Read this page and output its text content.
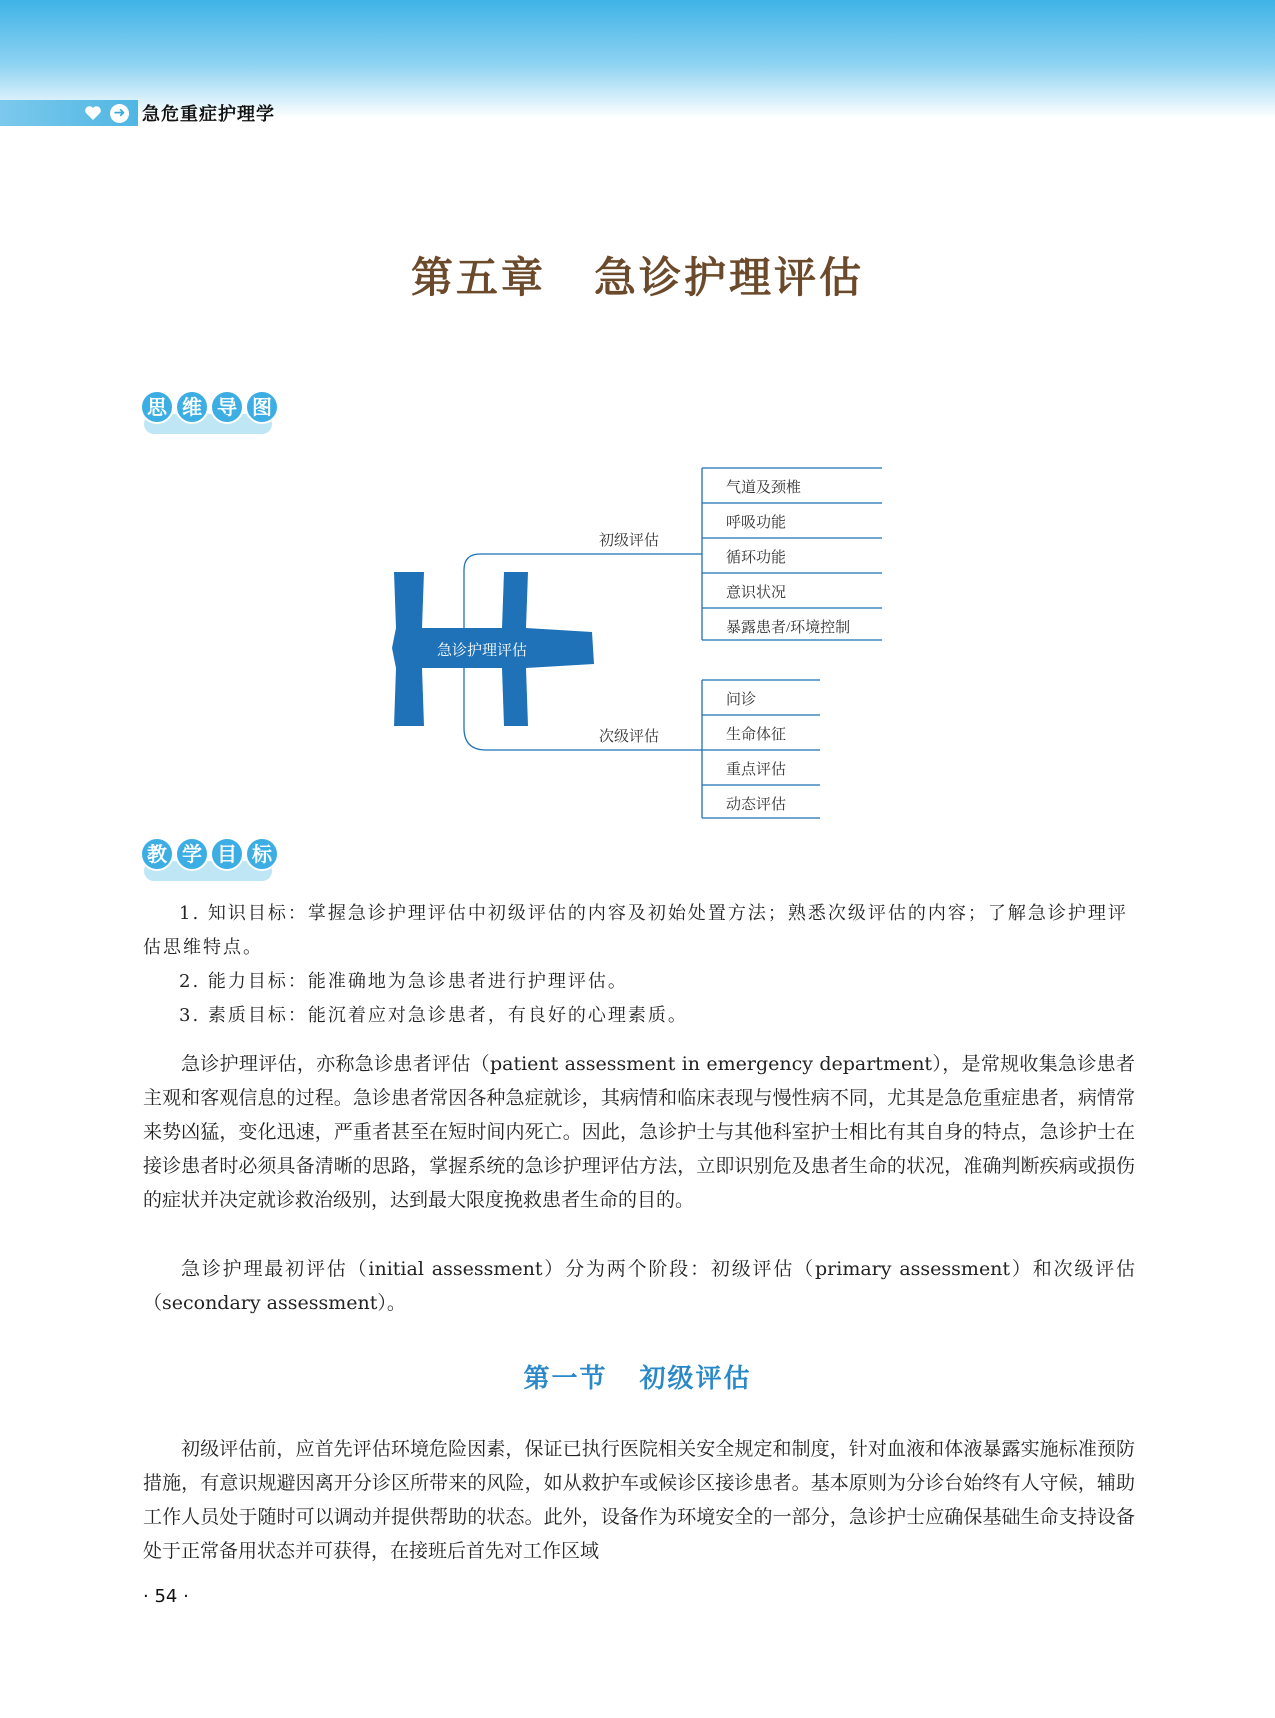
➜ 急危重症护理学
第五章 急诊护理评估
思 维 导 图
急诊护理评估
初级评估
次级评估
气道及颈椎
呼吸功能
循环功能
意识状况
暴露患者/环境控制
问诊
生命体征
重点评估
动态评估
教 学 目 标
1. 知识目标：掌握急诊护理评估中初级评估的内容及初始处置方法；熟悉次级评估的内容；了解急诊护理评估思维特点。
2. 能力目标：能准确地为急诊患者进行护理评估。
3. 素质目标：能沉着应对急诊患者，有良好的心理素质。
急诊护理评估，亦称急诊患者评估（patient assessment in emergency department），是常规收集急诊患者主观和客观信息的过程。急诊患者常因各种急症就诊，其病情和临床表现与慢性病不同，尤其是急危重症患者，病情常来势凶猛，变化迅速，严重者甚至在短时间内死亡。因此，急诊护士与其他科室护士相比有其自身的特点，急诊护士在接诊患者时必须具备清晰的思路，掌握系统的急诊护理评估方法，立即识别危及患者生命的状况，准确判断疾病或损伤的症状并决定就诊救治级别，达到最大限度挽救患者生命的目的。
急诊护理最初评估（initial assessment）分为两个阶段：初级评估（primary assessment）和次级评估（secondary assessment）。
第一节 初级评估
初级评估前，应首先评估环境危险因素，保证已执行医院相关安全规定和制度，针对血液和体液暴露实施标准预防措施，有意识规避因离开分诊区所带来的风险，如从救护车或候诊区接诊患者。基本原则为分诊台始终有人守候，辅助工作人员处于随时可以调动并提供帮助的状态。此外，设备作为环境安全的一部分，急诊护士应确保基础生命支持设备处于正常备用状态并可获得，在接班后首先对工作区域
· 54 ·
